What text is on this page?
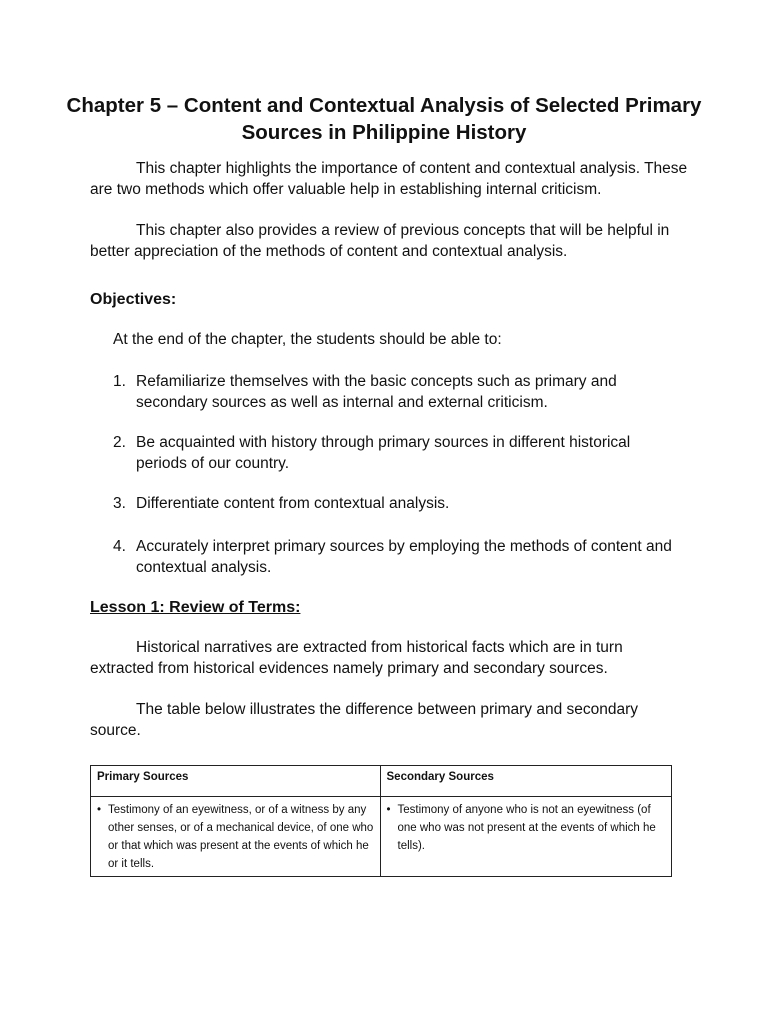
Chapter 5 – Content and Contextual Analysis of Selected Primary Sources in Philippine History

This chapter highlights the importance of content and contextual analysis. These are two methods which offer valuable help in establishing internal criticism.

This chapter also provides a review of previous concepts that will be helpful in better appreciation of the methods of content and contextual analysis.

Objectives:
At the end of the chapter, the students should be able to:
1. Refamiliarize themselves with the basic concepts such as primary and secondary sources as well as internal and external criticism.
2. Be acquainted with history through primary sources in different historical periods of our country.
3. Differentiate content from contextual analysis.
4. Accurately interpret primary sources by employing the methods of content and contextual analysis.
Lesson 1: Review of Terms:

Historical narratives are extracted from historical facts which are in turn extracted from historical evidences namely primary and secondary sources.

The table below illustrates the difference between primary and secondary source.

Primary Sources	Secondary Sources

• Testimony of an eyewitness, or of a witness by any other senses, or of a mechanical device, of one who or that which was present at the events of which he or it tells.	• Testimony of anyone who is not an eyewitness (of one who was not present at the events of which he tells).
